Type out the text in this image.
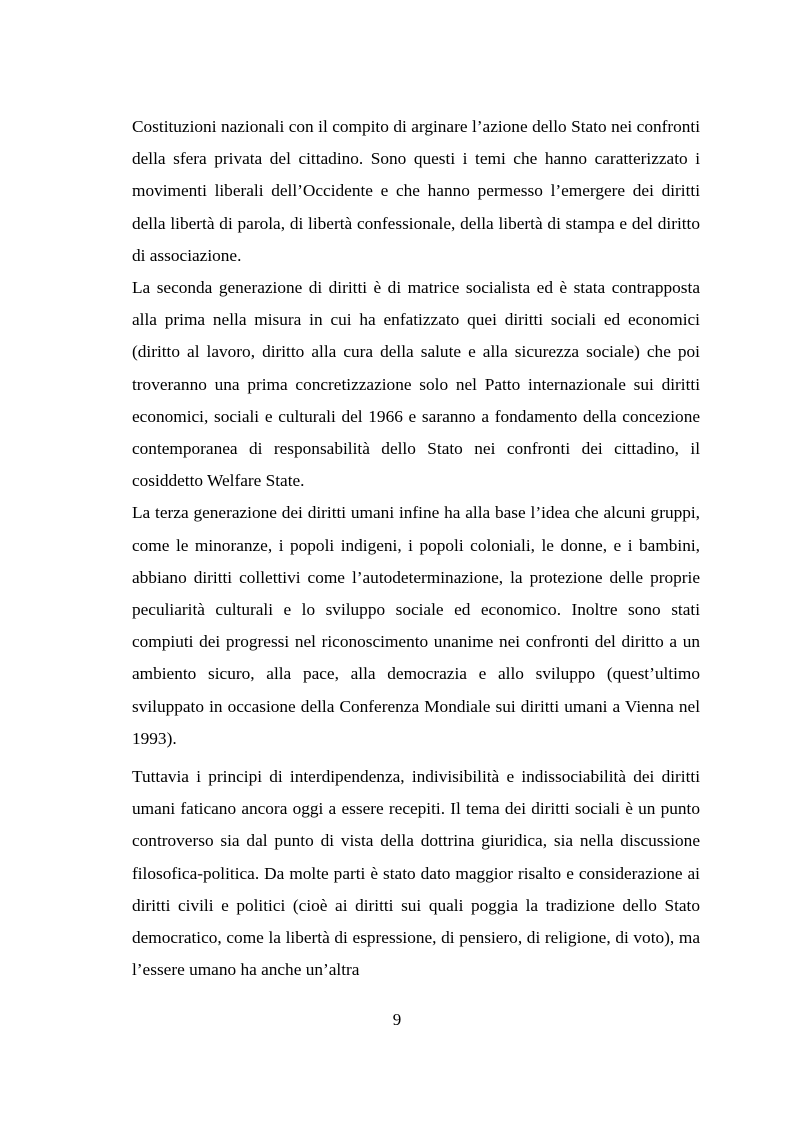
Costituzioni nazionali con il compito di arginare l’azione dello Stato nei confronti della sfera privata del cittadino. Sono questi i temi che hanno caratterizzato i movimenti liberali dell’Occidente e che hanno permesso l’emergere dei diritti della libertà di parola, di libertà confessionale, della libertà di stampa e del diritto di associazione.

La seconda generazione di diritti è di matrice socialista ed è stata contrapposta alla prima nella misura in cui ha enfatizzato quei diritti sociali ed economici (diritto al lavoro, diritto alla cura della salute e alla sicurezza sociale) che poi troveranno una prima concretizzazione solo nel Patto internazionale sui diritti economici, sociali e culturali del 1966 e saranno a fondamento della concezione contemporanea di responsabilità dello Stato nei confronti dei cittadino, il cosiddetto Welfare State.

La terza generazione dei diritti umani infine ha alla base l’idea che alcuni gruppi, come le minoranze, i popoli indigeni, i popoli coloniali, le donne, e i bambini, abbiano diritti collettivi come l’autodeterminazione, la protezione delle proprie peculiarità culturali e lo sviluppo sociale ed economico. Inoltre sono stati compiuti dei progressi nel riconoscimento unanime nei confronti del diritto a un ambiento sicuro, alla pace, alla democrazia e allo sviluppo (quest’ultimo sviluppato in occasione della Conferenza Mondiale sui diritti umani a Vienna nel 1993).

Tuttavia i principi di interdipendenza, indivisibilità e indissociabilità dei diritti umani faticano ancora oggi a essere recepiti. Il tema dei diritti sociali è un punto controverso sia dal punto di vista della dottrina giuridica, sia nella discussione filosofica-politica. Da molte parti è stato dato maggior risalto e considerazione ai diritti civili e politici (cioè ai diritti sui quali poggia la tradizione dello Stato democratico, come la libertà di espressione, di pensiero, di religione, di voto), ma l’essere umano ha anche un’altra

9
